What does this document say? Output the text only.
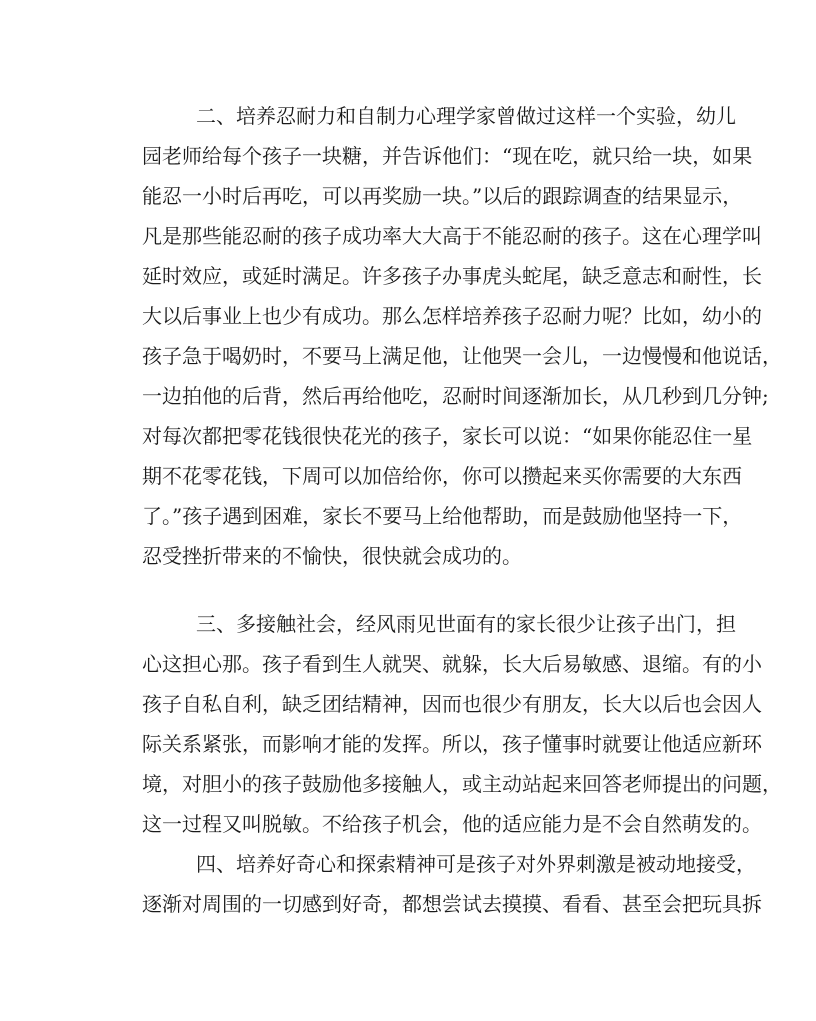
二、培养忍耐力和自制力心理学家曾做过这样一个实验，幼儿
园老师给每个孩子一块糖，并告诉他们：“现在吃，就只给一块，如果
能忍一小时后再吃，可以再奖励一块。”以后的跟踪调查的结果显示，
凡是那些能忍耐的孩子成功率大大高于不能忍耐的孩子。这在心理学叫
延时效应，或延时满足。许多孩子办事虎头蛇尾，缺乏意志和耐性，长
大以后事业上也少有成功。那么怎样培养孩子忍耐力呢？比如，幼小的
孩子急于喝奶时，不要马上满足他，让他哭一会儿，一边慢慢和他说话，
一边拍他的后背，然后再给他吃，忍耐时间逐渐加长，从几秒到几分钟;
对每次都把零花钱很快花光的孩子，家长可以说：“如果你能忍住一星
期不花零花钱，下周可以加倍给你，你可以攒起来买你需要的大东西
了。”孩子遇到困难，家长不要马上给他帮助，而是鼓励他坚持一下，
忍受挫折带来的不愉快，很快就会成功的。
三、多接触社会，经风雨见世面有的家长很少让孩子出门，担
心这担心那。孩子看到生人就哭、就躲，长大后易敏感、退缩。有的小
孩子自私自利，缺乏团结精神，因而也很少有朋友，长大以后也会因人
际关系紧张，而影响才能的发挥。所以，孩子懂事时就要让他适应新环
境，对胆小的孩子鼓励他多接触人，或主动站起来回答老师提出的问题，
这一过程又叫脱敏。不给孩子机会，他的适应能力是不会自然萌发的。
四、培养好奇心和探索精神可是孩子对外界刺激是被动地接受，
逐渐对周围的一切感到好奇，都想尝试去摸摸、看看、甚至会把玩具拆
